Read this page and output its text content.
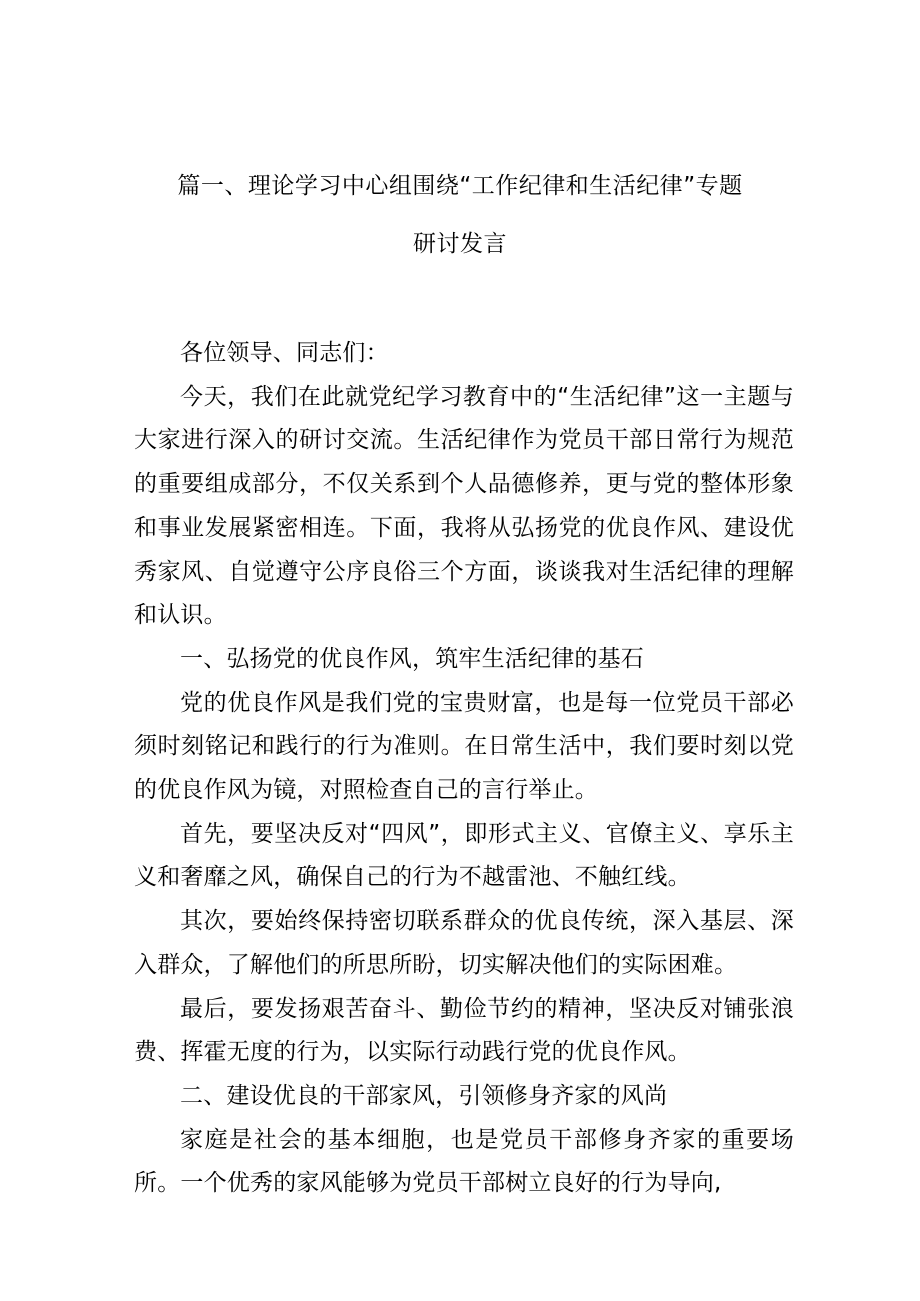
篇一、理论学习中心组围绕“工作纪律和生活纪律”专题
研讨发言

各位领导、同志们：

今天，我们在此就党纪学习教育中的“生活纪律”这一主题与大家进行深入的研讨交流。生活纪律作为党员干部日常行为规范的重要组成部分，不仅关系到个人品德修养，更与党的整体形象和事业发展紧密相连。下面，我将从弘扬党的优良作风、建设优秀家风、自觉遵守公序良俗三个方面，谈谈我对生活纪律的理解和认识。

一、弘扬党的优良作风，筑牢生活纪律的基石

党的优良作风是我们党的宝贵财富，也是每一位党员干部必须时刻铭记和践行的行为准则。在日常生活中，我们要时刻以党的优良作风为镜，对照检查自己的言行举止。

首先，要坚决反对“四风”，即形式主义、官僚主义、享乐主义和奢靡之风，确保自己的行为不越雷池、不触红线。

其次，要始终保持密切联系群众的优良传统，深入基层、深入群众，了解他们的所思所盼，切实解决他们的实际困难。

最后，要发扬艰苦奋斗、勤俭节约的精神，坚决反对铺张浪费、挥霍无度的行为，以实际行动践行党的优良作风。

二、建设优良的干部家风，引领修身齐家的风尚

家庭是社会的基本细胞，也是党员干部修身齐家的重要场所。一个优秀的家风能够为党员干部树立良好的行为导向,
